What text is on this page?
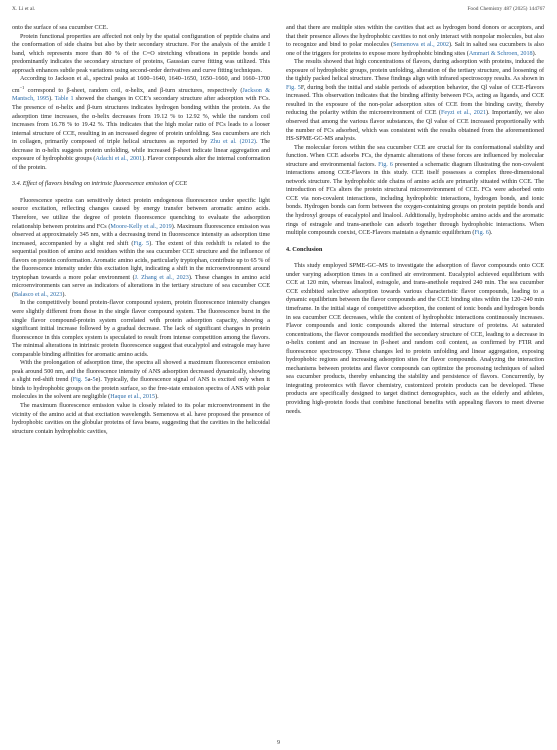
X. Li et al.	Food Chemistry 487 (2025) 144767

onto the surface of sea cucumber CCE.

Protein functional properties are affected not only by the spatial configuration of peptide chains and the conformation of side chains but also by their secondary structure. For the analysis of the amide I band, which represents more than 80 % of the C=O stretching vibrations in peptide bonds and predominantly indicates the secondary structure of proteins, Gaussian curve fitting was utilized. This approach enhances subtle peak variations using second-order derivatives and curve fitting techniques.

According to Jackson et al., spectral peaks at 1600–1640, 1640–1650, 1650–1660, and 1660–1700 $cm^{-1}$ correspond to β-sheet, random coil, α-helix, and β-turn structures, respectively (Jackson & Mantsch, 1995). Table 1 showed the changes in CCE’s secondary structure after adsorption with FCs. The presence of α-helix and β-turn structures indicates hydrogen bonding within the protein. As the adsorption time increases, the α-helix decreases from 19.12 % to 12.92 %, while the random coil increases from 16.78 % to 19.42 %. This indicates that the high molar ratio of FCs leads to a looser internal structure of CCE, resulting in an increased degree of protein unfolding. Sea cucumbers are rich in collagen, primarily composed of triple helical structures as reported by Zhu et al. (2012). The decrease in α-helix suggests protein unfolding, while increased β-sheet indicate linear aggregation and exposure of hydrophobic groups (Adachi et al., 2001). Flavor compounds alter the internal conformation of the protein.

3.4. Effect of flavors binding on intrinsic fluorescence emission of CCE

Fluorescence spectra can sensitively detect protein endogenous fluorescence under specific light source excitation, reflecting changes caused by energy transfer between aromatic amino acids. Therefore, we utilize the degree of protein fluorescence quenching to evaluate the adsorption relationship between proteins and FCs (Moore-Kelly et al., 2019). Maximum fluorescence emission was observed at approximately 345 nm, with a decreasing trend in fluorescence intensity as adsorption time increased, accompanied by a slight red shift (Fig. 5). The extent of this redshift is related to the sequential position of amino acid residues within the sea cucumber CCE structure and the influence of flavors on protein conformation. Aromatic amino acids, particularly tryptophan, contribute up to 65 % of the fluorescence intensity under this excitation light, indicating a shift in the microenvironment around tryptophan towards a more polar environment (J. Zhang et al., 2023). These changes in amino acid microenvironments can serve as indicators of alterations in the tertiary structure of sea cucumber CCE (Balasco et al., 2023).

In the competitively bound protein-flavor compound system, protein fluorescence intensity changes were slightly different from those in the single flavor compound system. The fluorescence burst in the single flavor compound-protein system correlated with protein adsorption capacity, showing a significant initial increase followed by a gradual decrease. The lack of significant changes in protein fluorescence in this complex system is speculated to result from intense competition among the flavors. The minimal alterations in intrinsic protein fluorescence suggest that eucalyptol and estragole may have comparable binding affinities for aromatic amino acids.

With the prolongation of adsorption time, the spectra all showed a maximum fluorescence emission peak around 500 nm, and the fluorescence intensity of ANS adsorption decreased dynamically, showing a slight red-shift trend (Fig. 5a-5e). Typically, the fluorescence signal of ANS is excited only when it binds to hydrophobic groups on the protein surface, so the free-state emission spectra of ANS with polar molecules in the solvent are negligible (Haque et al., 2015).

The maximum fluorescence emission value is closely related to its polar microenvironment in the vicinity of the amino acid at that excitation wavelength. Semenova et al. have proposed the presence of hydrophobic cavities on the globular proteins of fava beans, suggesting that the cavities in the helicoidal structure contain hydrophobic cavities,

and that there are multiple sites within the cavities that act as hydrogen bond donors or acceptors, and that their presence allows the hydrophobic cavities to not only interact with nonpolar molecules, but also to recognize and bind to polar molecules (Semenova et al., 2002). Salt in salted sea cucumbers is also one of the triggers for proteins to expose more hydrophobic binding sites (Ammari & Schroen, 2018).

The results showed that high concentrations of flavors, during adsorption with proteins, induced the exposure of hydrophobic groups, protein unfolding, alteration of the tertiary structure, and loosening of the tightly packed helical structure. These findings align with infrared spectroscopy results. As shown in Fig. 5F, during both the initial and stable periods of adsorption behavior, the Ql value of CCE-Flavors increased. This observation indicates that the binding affinity between FCs, acting as ligands, and CCE resulted in the exposure of the non-polar adsorption sites of CCE from the binding cavity, thereby reducing the polarity within the microenvironment of CCE (Feyzi et al., 2021). Importantly, we also observed that among the various flavor substances, the Ql value of CCE increased proportionally with the number of FCs adsorbed, which was consistent with the results obtained from the aforementioned HS-SPME-GC-MS analysis.

The molecular forces within the sea cucumber CCE are crucial for its conformational stability and function. When CCE adsorbs FCs, the dynamic alterations of these forces are influenced by molecular structure and environmental factors. Fig. 6 presented a schematic diagram illustrating the non-covalent interactions among CCE-Flavors in this study. CCE itself possesses a complex three-dimensional network structure. The hydrophobic side chains of amino acids are primarily situated within CCE. The introduction of FCs alters the protein structural microenvironment of CCE. FCs were adsorbed onto CCE via non-covalent interactions, including hydrophobic interactions, hydrogen bonds, and ionic bonds. Hydrogen bonds can form between the oxygen-containing groups on protein peptide bonds and the hydroxyl groups of eucalyptol and linalool. Additionally, hydrophobic amino acids and the aromatic rings of estragole and trans-anethole can adsorb together through hydrophobic interactions. When multiple compounds coexist, CCE-Flavors maintain a dynamic equilibrium (Fig. 6).

4. Conclusion

This study employed SPME-GC–MS to investigate the adsorption of flavor compounds onto CCE under varying adsorption times in a confined air environment. Eucalyptol achieved equilibrium with CCE at 120 min, whereas linalool, estragole, and trans-anethole required 240 min. The sea cucumber CCE exhibited selective adsorption towards various characteristic flavor compounds, leading to a dynamic equilibrium between the flavor compounds and the CCE binding sites within the 120–240 min timeframe. In the initial stage of competitive adsorption, the content of ionic bonds and hydrogen bonds in sea cucumber CCE decreases, while the content of hydrophobic interactions continuously increases. Flavor compounds and ionic compounds altered the internal structure of proteins. At saturated concentrations, the flavor compounds modified the secondary structure of CCE, leading to a decrease in α-helix content and an increase in β-sheet and random coil content, as confirmed by FTIR and fluorescence spectroscopy. These changes led to protein unfolding and linear aggregation, exposing hydrophobic regions and increasing adsorption sites for flavor compounds. Analyzing the interaction mechanisms between proteins and flavor compounds can optimize the processing techniques of salted sea cucumber products, thereby enhancing the stability and persistence of flavors. Concurrently, by integrating proteomics with flavor chemistry, customized protein products can be developed. These products are specifically designed to target distinct demographics, such as the elderly and athletes, providing high-protein foods that combine functional benefits with appealing flavors to meet diverse needs.

9
